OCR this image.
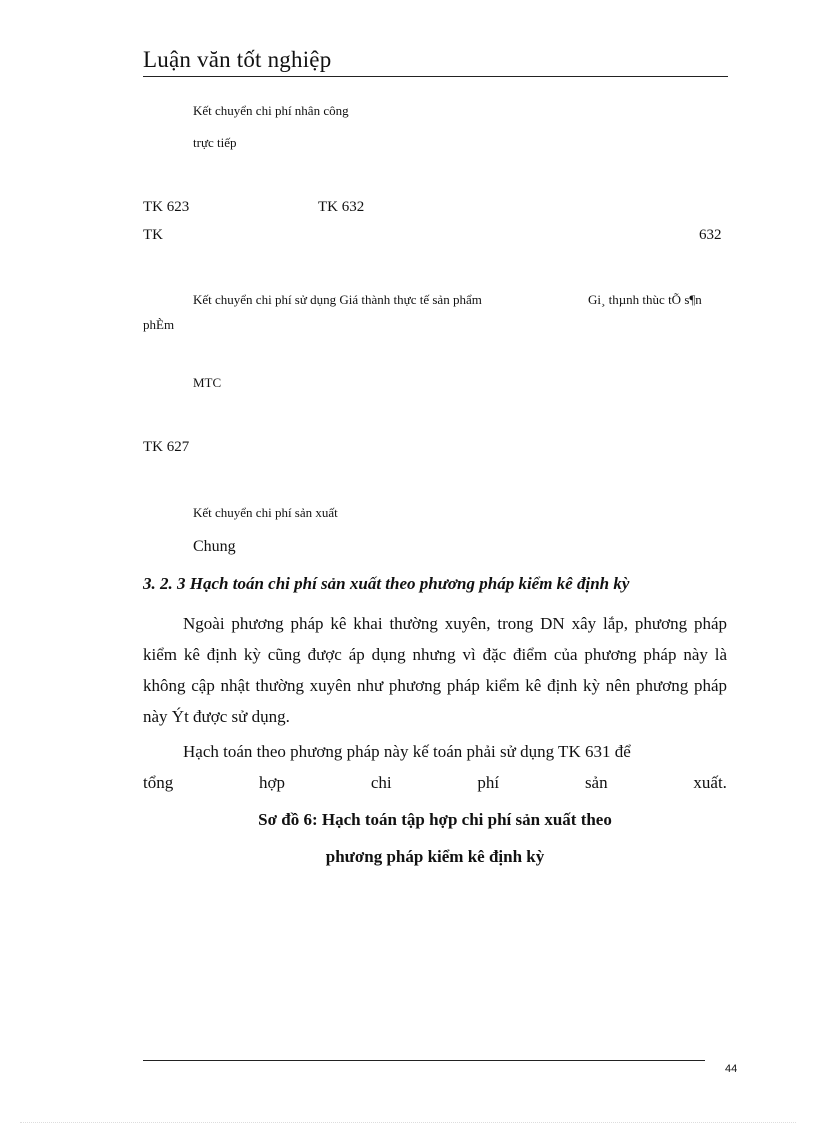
Luận văn tốt nghiệp
Kết chuyển chi phí nhân công
trực tiếp
TK 623	TK 632
TK	632
Kết chuyển chi phí sử dụng Giá thành thực tế sản phẩm	Gi¸ thµnh thùc tÕ s¶n
phÈm
MTC
TK 627
Kết chuyển chi phí sản xuất
Chung
3. 2. 3 Hạch toán chi phí sản xuất theo phương pháp kiểm kê định kỳ
Ngoài phương pháp kê khai thường xuyên, trong DN xây lắp, phương pháp kiểm kê định kỳ cũng được áp dụng nhưng vì đặc điểm của phương pháp này là không cập nhật thường xuyên như phương pháp kiểm kê định kỳ nên phương pháp này Ýt được sử dụng.
Hạch toán theo phương pháp này kế toán phải sử dụng TK 631 để
tổng	hợp	chi	phí	sản	xuất.
Sơ đồ 6: Hạch toán tập hợp chi phí sản xuất theo
phương pháp kiểm kê định kỳ
44
